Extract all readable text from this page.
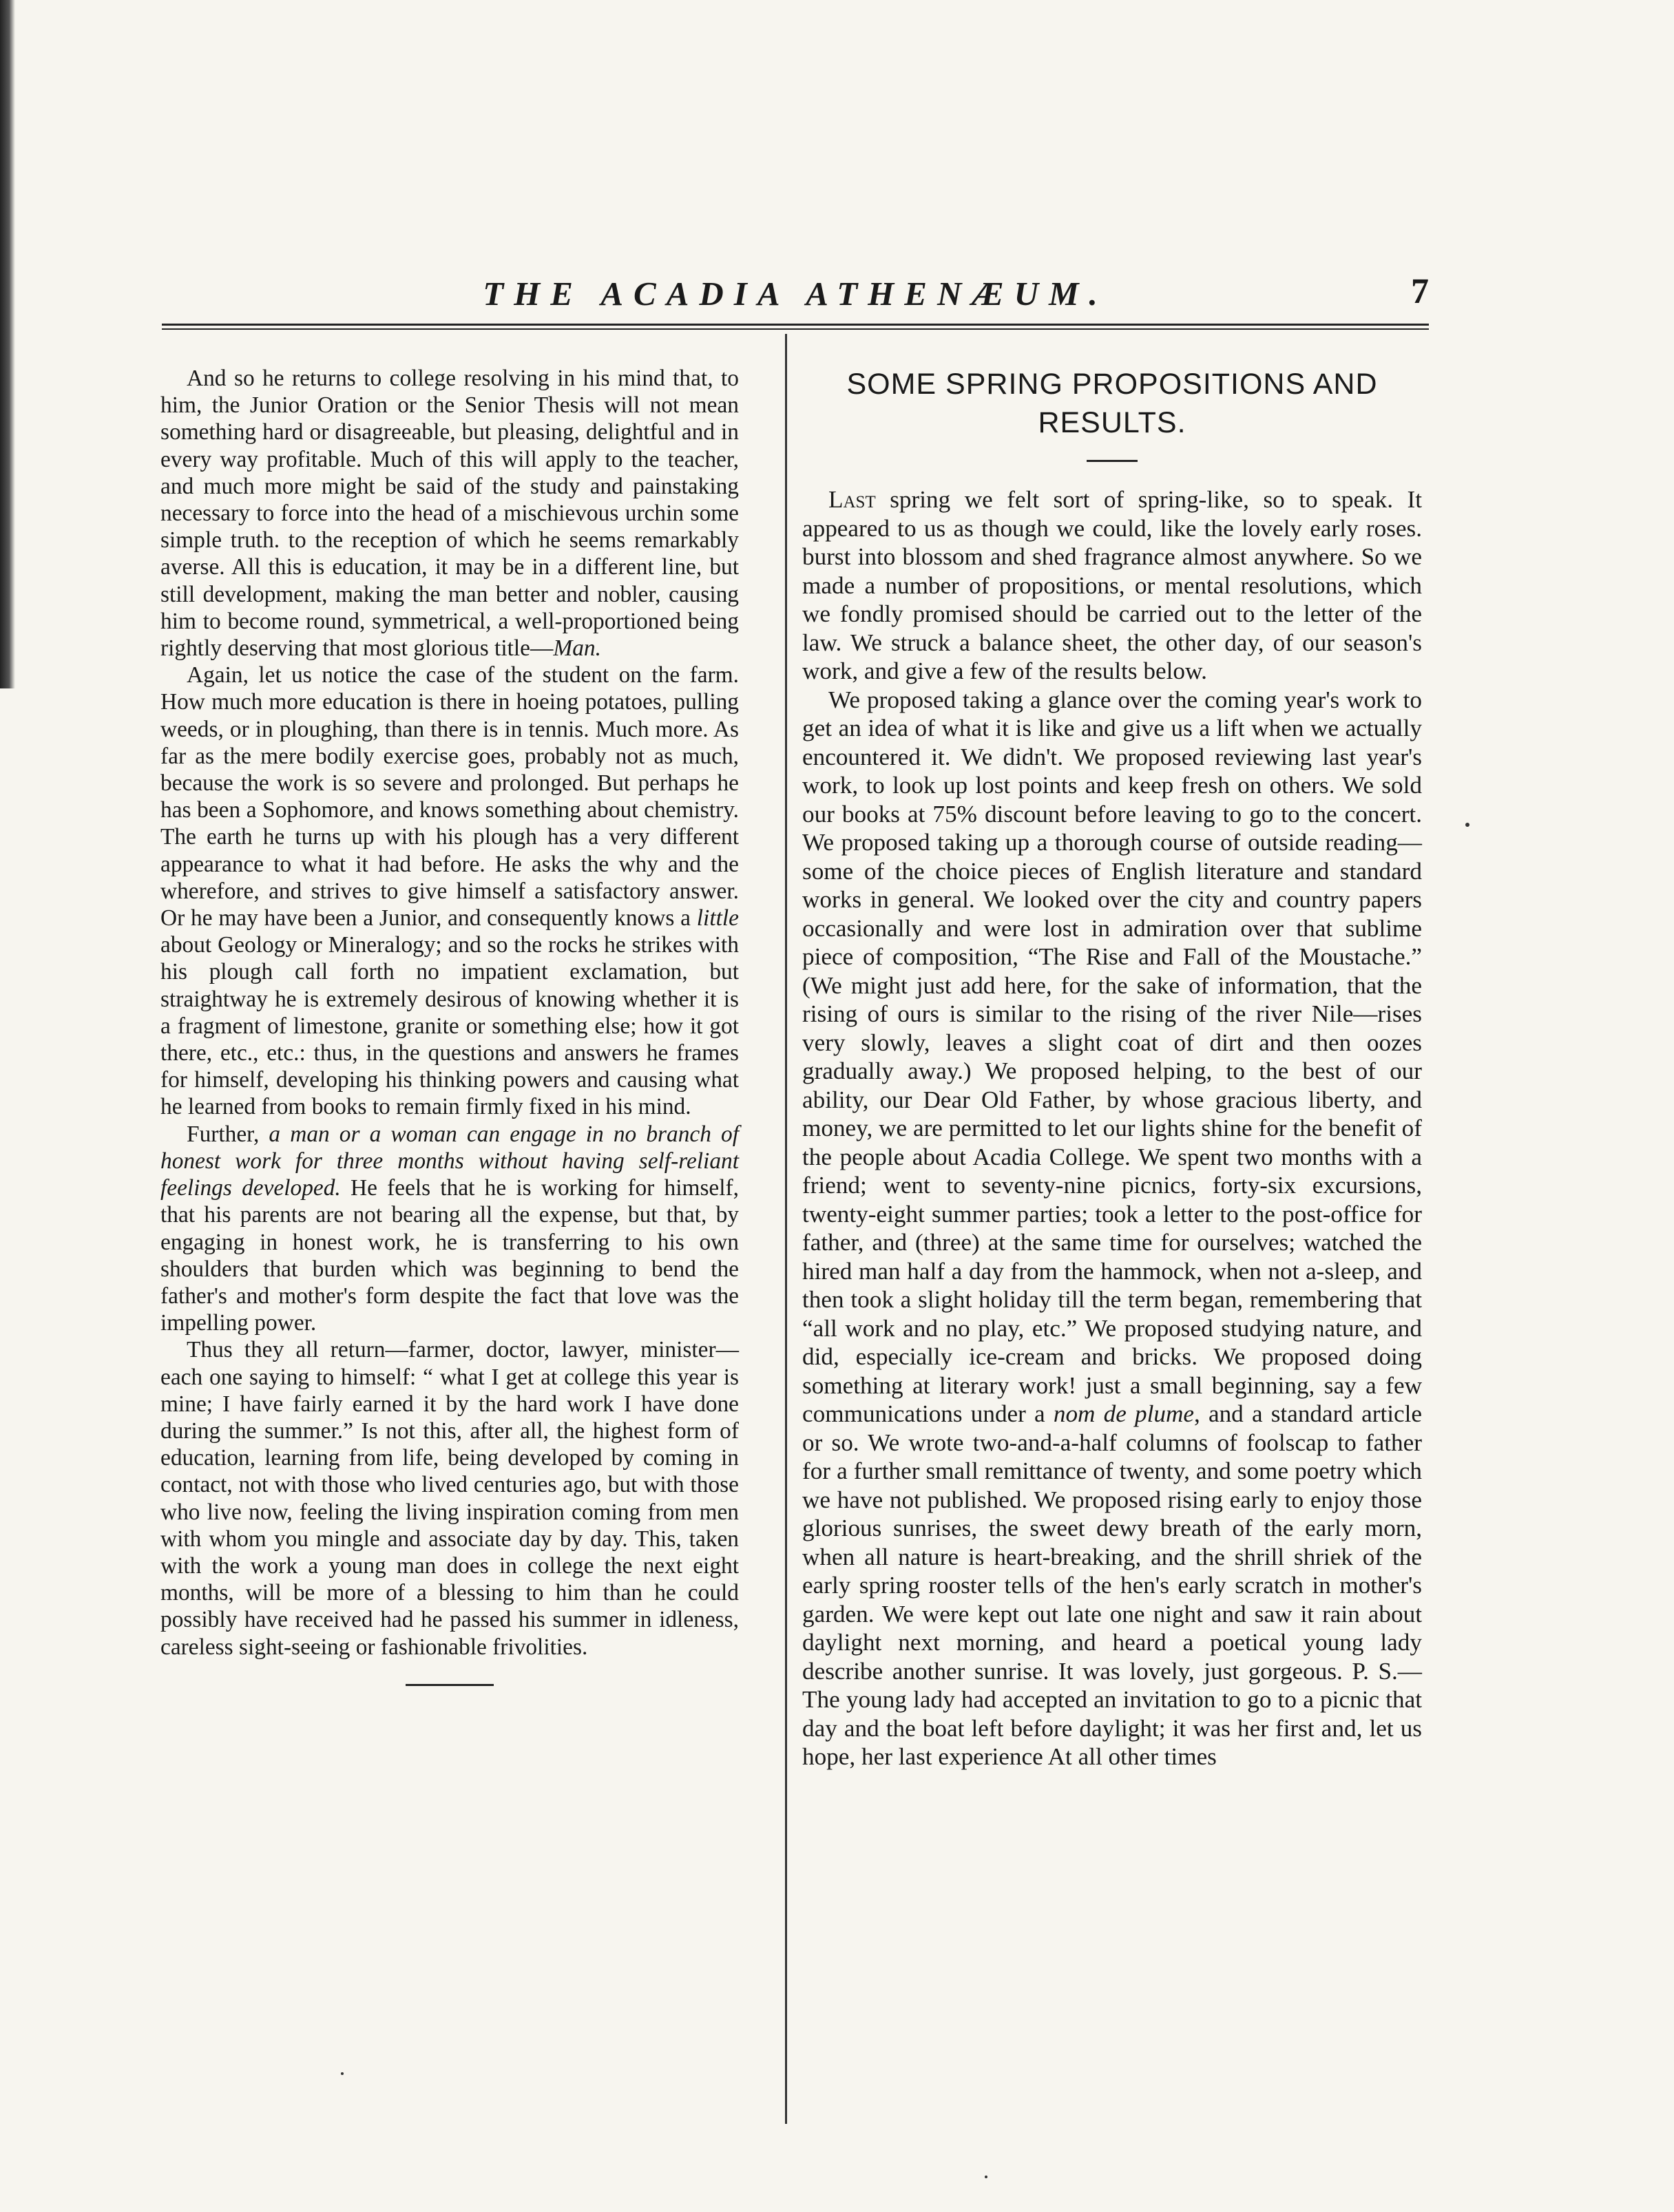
THE ACADIA ATHENÆUM.	7

And so he returns to college resolving in his mind that, to him, the Junior Oration or the Senior Thesis will not mean something hard or disagreeable, but pleasing, delightful and in every way profitable. Much of this will apply to the teacher, and much more might be said of the study and painstaking necessary to force into the head of a mischievous urchin some simple truth. to the reception of which he seems remarkably averse. All this is education, it may be in a different line, but still development, making the man better and nobler, causing him to become round, symmetrical, a well-proportioned being rightly deserving that most glorious title—Man.

Again, let us notice the case of the student on the farm. How much more education is there in hoeing potatoes, pulling weeds, or in ploughing, than there is in tennis. Much more. As far as the mere bodily exercise goes, probably not as much, because the work is so severe and prolonged. But perhaps he has been a Sophomore, and knows something about chemistry. The earth he turns up with his plough has a very different appearance to what it had before. He asks the why and the wherefore, and strives to give himself a satisfactory answer. Or he may have been a Junior, and consequently knows a little about Geology or Mineralogy; and so the rocks he strikes with his plough call forth no impatient exclamation, but straightway he is extremely desirous of knowing whether it is a fragment of limestone, granite or something else; how it got there, etc., etc.: thus, in the questions and answers he frames for himself, developing his thinking powers and causing what he learned from books to remain firmly fixed in his mind.

Further, a man or a woman can engage in no branch of honest work for three months without having self-reliant feelings developed. He feels that he is working for himself, that his parents are not bearing all the expense, but that, by engaging in honest work, he is transferring to his own shoulders that burden which was beginning to bend the father's and mother's form despite the fact that love was the impelling power.

Thus they all return—farmer, doctor, lawyer, minister—each one saying to himself: “ what I get at college this year is mine; I have fairly earned it by the hard work I have done during the summer.” Is not this, after all, the highest form of education, learning from life, being developed by coming in contact, not with those who lived centuries ago, but with those who live now, feeling the living inspiration coming from men with whom you mingle and associate day by day. This, taken with the work a young man does in college the next eight months, will be more of a blessing to him than he could possibly have received had he passed his summer in idleness, careless sight-seeing or fashionable frivolities.

SOME SPRING PROPOSITIONS AND RESULTS.

Last spring we felt sort of spring-like, so to speak. It appeared to us as though we could, like the lovely early roses. burst into blossom and shed fragrance almost anywhere. So we made a number of propositions, or mental resolutions, which we fondly promised should be carried out to the letter of the law. We struck a balance sheet, the other day, of our season's work, and give a few of the results below.

We proposed taking a glance over the coming year's work to get an idea of what it is like and give us a lift when we actually encountered it. We didn't. We proposed reviewing last year's work, to look up lost points and keep fresh on others. We sold our books at 75% discount before leaving to go to the concert. We proposed taking up a thorough course of outside reading—some of the choice pieces of English literature and standard works in general. We looked over the city and country papers occasionally and were lost in admiration over that sublime piece of composition, “The Rise and Fall of the Moustache.” (We might just add here, for the sake of information, that the rising of ours is similar to the rising of the river Nile—rises very slowly, leaves a slight coat of dirt and then oozes gradually away.) We proposed helping, to the best of our ability, our Dear Old Father, by whose gracious liberty, and money, we are permitted to let our lights shine for the benefit of the people about Acadia College. We spent two months with a friend; went to seventy-nine picnics, forty-six excursions, twenty-eight summer parties; took a letter to the post-office for father, and (three) at the same time for ourselves; watched the hired man half a day from the hammock, when not a-sleep, and then took a slight holiday till the term began, remembering that “all work and no play, etc.” We proposed studying nature, and did, especially ice-cream and bricks. We proposed doing something at literary work! just a small beginning, say a few communications under a nom de plume, and a standard article or so. We wrote two-and-a-half columns of foolscap to father for a further small remittance of twenty, and some poetry which we have not published. We proposed rising early to enjoy those glorious sunrises, the sweet dewy breath of the early morn, when all nature is heart-breaking, and the shrill shriek of the early spring rooster tells of the hen's early scratch in mother's garden. We were kept out late one night and saw it rain about daylight next morning, and heard a poetical young lady describe another sunrise. It was lovely, just gorgeous. P. S.—The young lady had accepted an invitation to go to a picnic that day and the boat left before daylight; it was her first and, let us hope, her last experience At all other times
